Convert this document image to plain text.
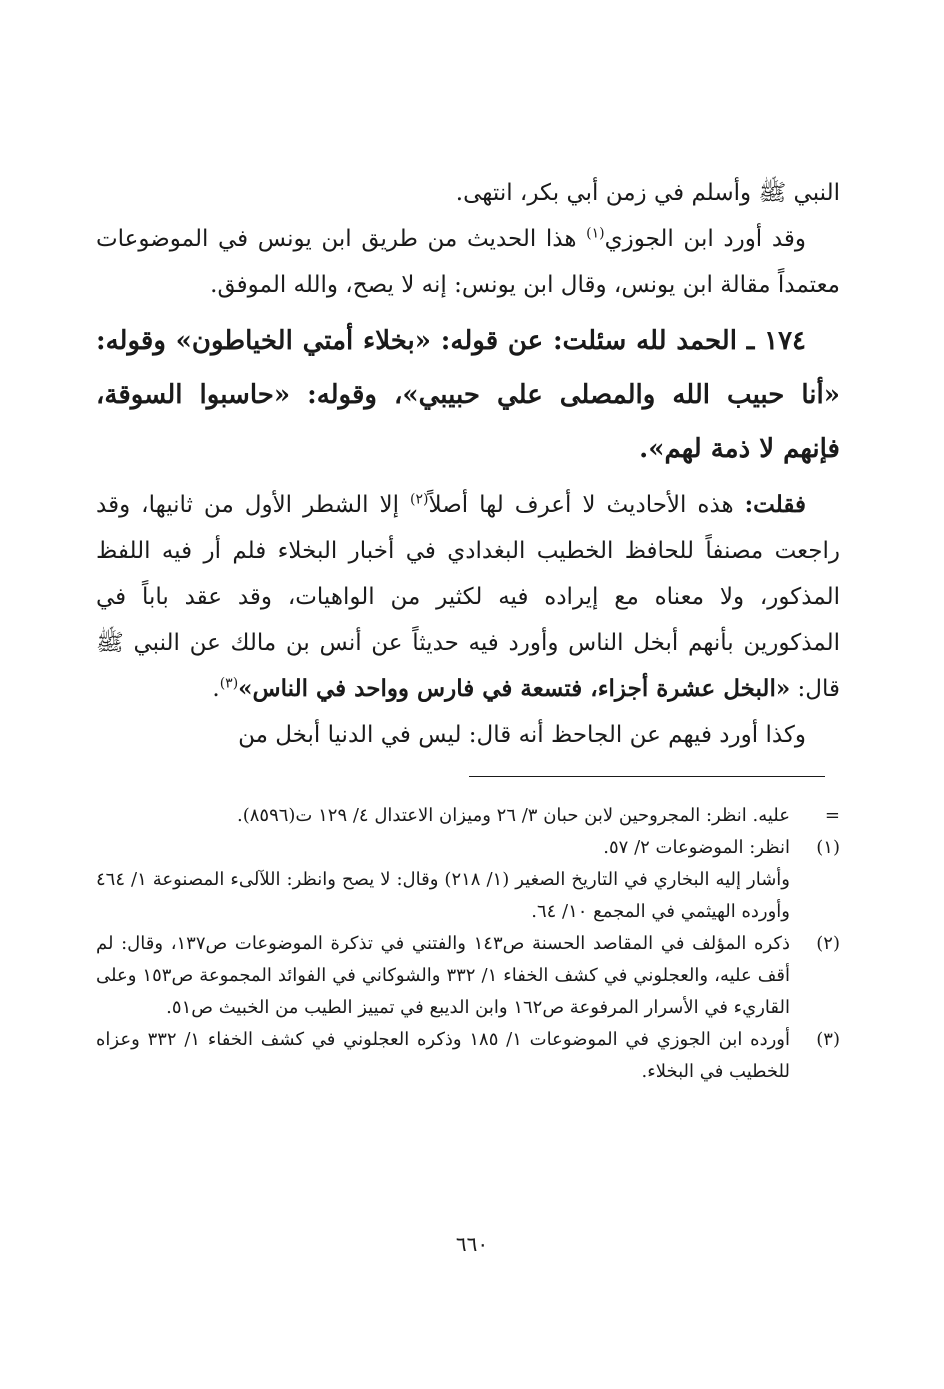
النبي ﷺ وأسلم في زمن أبي بكر، انتهى.

وقد أورد ابن الجوزي$^{(١)}$ هذا الحديث من طريق ابن يونس في الموضوعات معتمداً مقالة ابن يونس، وقال ابن يونس: إنه لا يصح، والله الموفق.

١٧٤ ـ الحمد لله سئلت: عن قوله: «بخلاء أمتي الخياطون» وقوله: «أنا حبيب الله والمصلى علي حبيبي»، وقوله: «حاسبوا السوقة، فإنهم لا ذمة لهم».

فقلت: هذه الأحاديث لا أعرف لها أصلاً$^{(٢)}$ إلا الشطر الأول من ثانيها، وقد راجعت مصنفاً للحافظ الخطيب البغدادي في أخبار البخلاء فلم أر فيه اللفظ المذكور، ولا معناه مع إيراده فيه لكثير من الواهيات، وقد عقد باباً في المذكورين بأنهم أبخل الناس وأورد فيه حديثاً عن أنس بن مالك عن النبي ﷺ قال: «البخل عشرة أجزاء، فتسعة في فارس وواحد في الناس»$^{(٣)}$.

وكذا أورد فيهم عن الجاحظ أنه قال: ليس في الدنيا أبخل من

=
عليه. انظر: المجروحين لابن حبان ٣/ ٢٦ وميزان الاعتدال ٤/ ١٢٩ ت(٨٥٩٦).
(١)
انظر: الموضوعات ٢/ ٥٧.
وأشار إليه البخاري في التاريخ الصغير (١/ ٢١٨) وقال: لا يصح وانظر: اللآلىء المصنوعة ١/ ٤٦٤ وأورده الهيثمي في المجمع ١٠/ ٦٤.
(٢)
ذكره المؤلف في المقاصد الحسنة ص١٤٣ والفتني في تذكرة الموضوعات ص١٣٧، وقال: لم أقف عليه، والعجلوني في كشف الخفاء ١/ ٣٣٢ والشوكاني في الفوائد المجموعة ص١٥٣ وعلى القاريء في الأسرار المرفوعة ص١٦٢ وابن الديبع في تمييز الطيب من الخبيث ص٥١.
(٣)
أورده ابن الجوزي في الموضوعات ١/ ١٨٥ وذكره العجلوني في كشف الخفاء ١/ ٣٣٢ وعزاه للخطيب في البخلاء.
٦٦٠
